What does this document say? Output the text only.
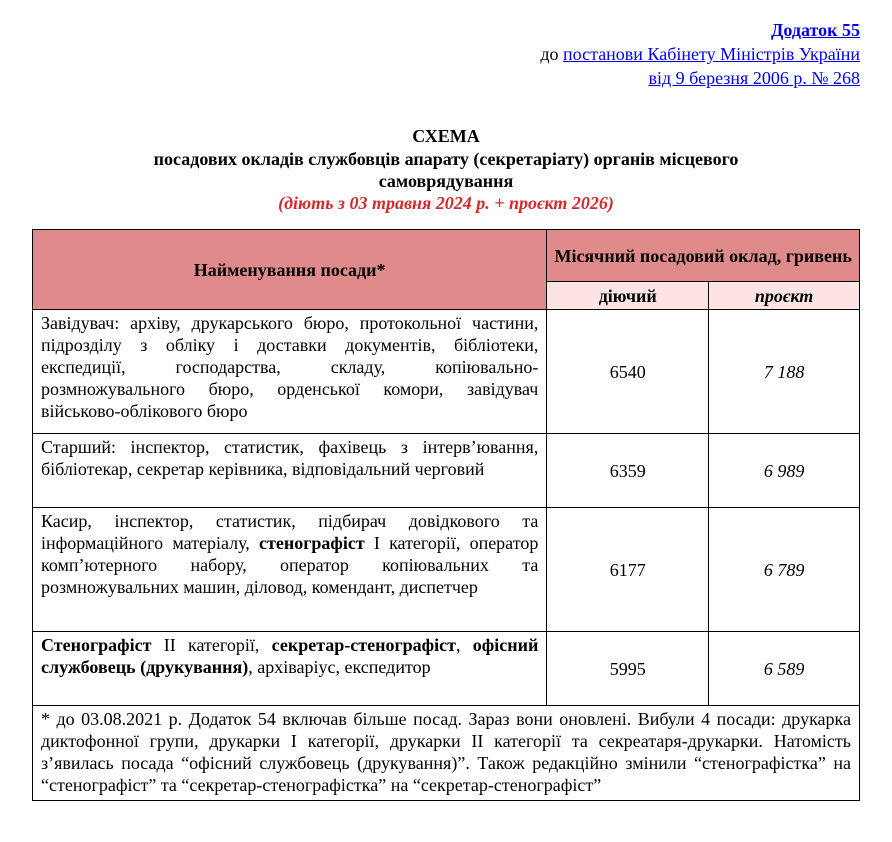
Додаток 55
до постанови Кабінету Міністрів України
від 9 березня 2006 р. № 268
СХЕМА
посадових окладів службовців апарату (секретаріату) органів місцевого самоврядування
(діють з 03 травня 2024 р. + проєкт 2026)
Найменування посади*	Місячний посадовий оклад, гривень	
	діючий	проєкт
Завідувач: архіву, друкарського бюро, протокольної частини, підрозділу з обліку і доставки документів, бібліотеки, експедиції, господарства, складу, копіювально-розмножувального бюро, орденської комори, завідувач військово-облікового бюро	6540	7 188
Старший: інспектор, статистик, фахівець з інтерв’ювання, бібліотекар, секретар керівника, відповідальний черговий	6359	6 989
Касир, інспектор, статистик, підбирач довідкового та інформаційного матеріалу, стенографіст I категорії, оператор комп’ютерного набору, оператор копіювальних та розмножувальних машин, діловод, комендант, диспетчер	6177	6 789
Стенографіст II категорії, секретар-стенографіст, офісний службовець (друкування), архіваріус, експедитор	5995	6 589
* до 03.08.2021 р. Додаток 54 включав більше посад. Зараз вони оновлені. Вибули 4 посади: друкарка диктофонної групи, друкарки I категорії, друкарки II категорії та секреатаря-друкарки. Натомість з’явилась посада “офісний службовець (друкування)”. Також редакційно змінили “стенографістка” на “стенографіст” та “секретар-стенографістка” на “секретар-стенографіст”		
